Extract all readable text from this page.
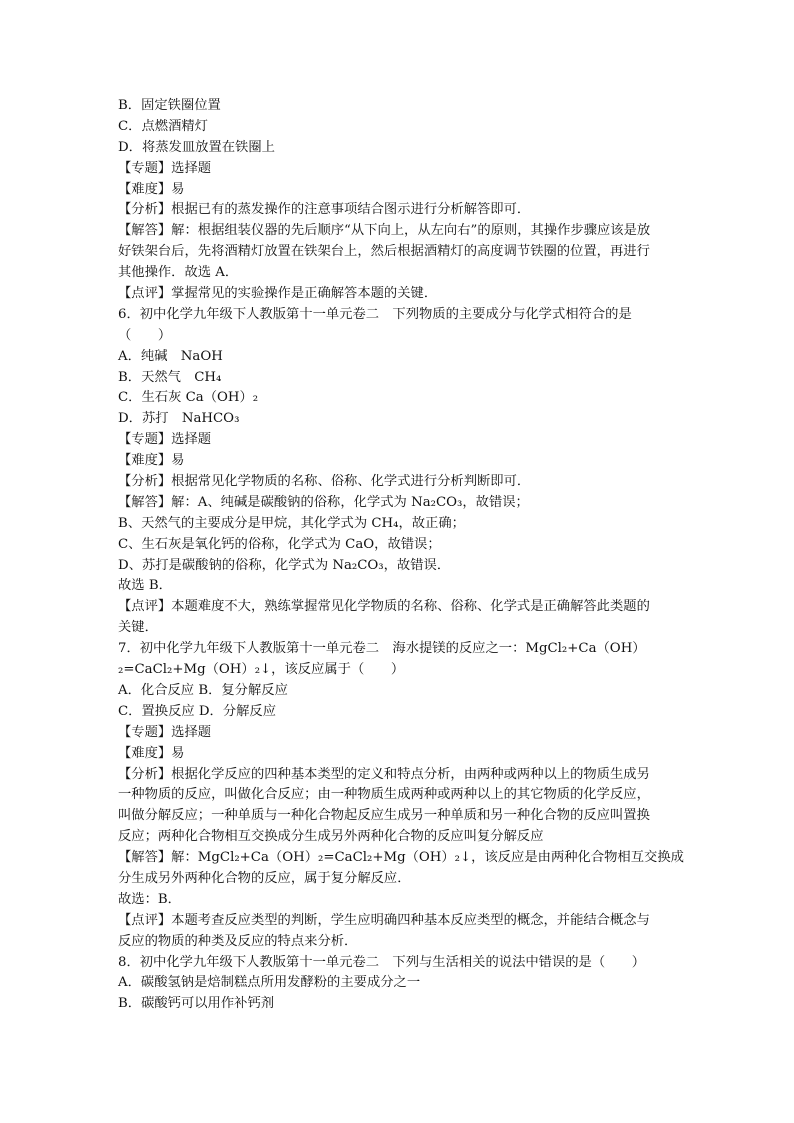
B．固定铁圈位置
C．点燃酒精灯
D．将蒸发皿放置在铁圈上
【专题】选择题
【难度】易
【分析】根据已有的蒸发操作的注意事项结合图示进行分析解答即可．
【解答】解：根据组装仪器的先后顺序“从下向上，从左向右”的原则，其操作步骤应该是放
好铁架台后，先将酒精灯放置在铁架台上，然后根据酒精灯的高度调节铁圈的位置，再进行
其他操作．故选 A．
【点评】掌握常见的实验操作是正确解答本题的关键．
6．初中化学九年级下人教版第十一单元卷二　下列物质的主要成分与化学式相符合的是
（　　）
A．纯碱　NaOH
B．天然气　CH₄
C．生石灰 Ca（OH）₂
D．苏打　NaHCO₃
【专题】选择题
【难度】易
【分析】根据常见化学物质的名称、俗称、化学式进行分析判断即可．
【解答】解：A、纯碱是碳酸钠的俗称，化学式为 Na₂CO₃，故错误；
B、天然气的主要成分是甲烷，其化学式为 CH₄，故正确；
C、生石灰是氧化钙的俗称，化学式为 CaO，故错误；
D、苏打是碳酸钠的俗称，化学式为 Na₂CO₃，故错误．
故选 B．
【点评】本题难度不大，熟练掌握常见化学物质的名称、俗称、化学式是正确解答此类题的
关键．
7．初中化学九年级下人教版第十一单元卷二　海水提镁的反应之一：MgCl₂+Ca（OH）
₂=CaCl₂+Mg（OH）₂↓，该反应属于（　　）
A．化合反应 B．复分解反应
C．置换反应 D．分解反应
【专题】选择题
【难度】易
【分析】根据化学反应的四种基本类型的定义和特点分析，由两种或两种以上的物质生成另
一种物质的反应，叫做化合反应；由一种物质生成两种或两种以上的其它物质的化学反应，
叫做分解反应；一种单质与一种化合物起反应生成另一种单质和另一种化合物的反应叫置换
反应；两种化合物相互交换成分生成另外两种化合物的反应叫复分解反应
【解答】解：MgCl₂+Ca（OH）₂=CaCl₂+Mg（OH）₂↓，该反应是由两种化合物相互交换成
分生成另外两种化合物的反应，属于复分解反应．
故选：B．
【点评】本题考查反应类型的判断，学生应明确四种基本反应类型的概念，并能结合概念与
反应的物质的种类及反应的特点来分析．
8．初中化学九年级下人教版第十一单元卷二　下列与生活相关的说法中错误的是（　　）
A．碳酸氢钠是焙制糕点所用发酵粉的主要成分之一
B．碳酸钙可以用作补钙剂
